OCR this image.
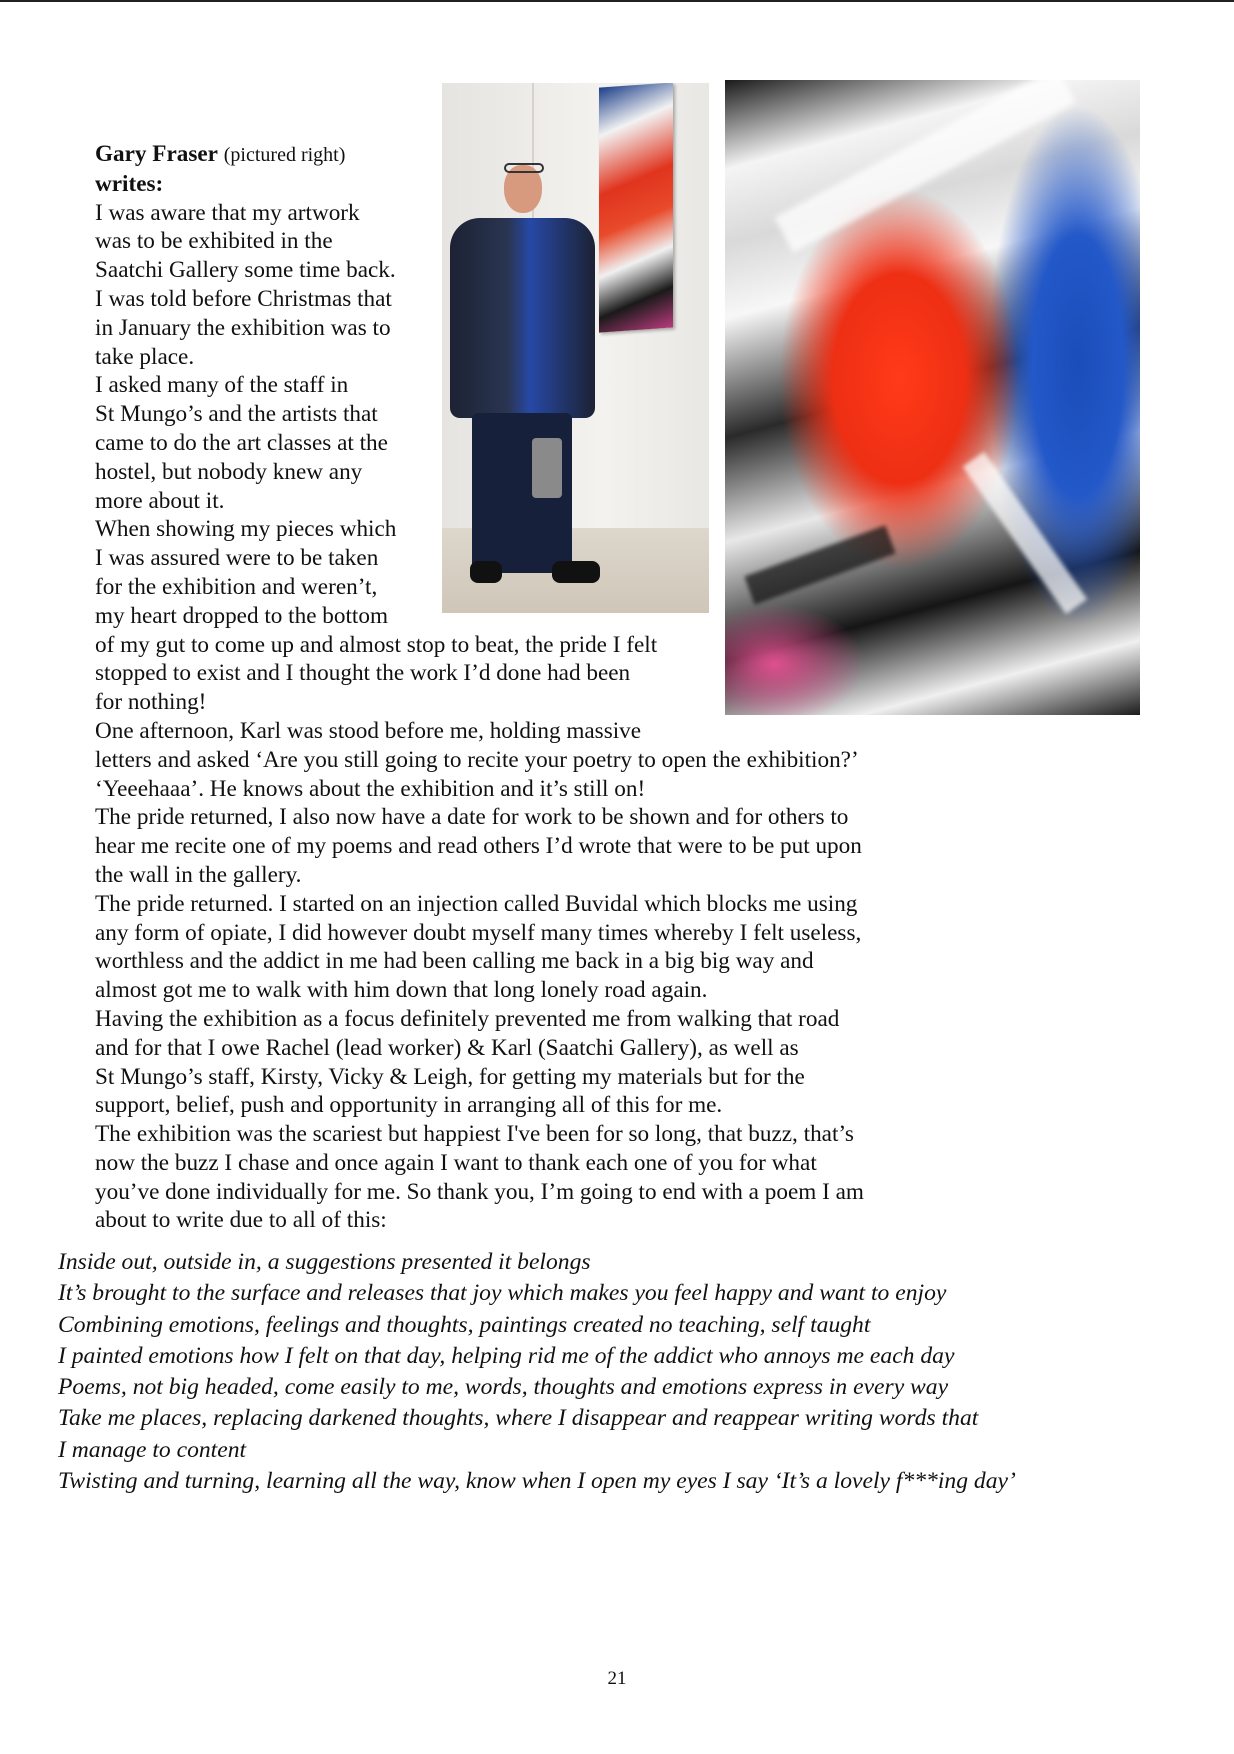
Gary Fraser (pictured right)
writes:
I was aware that my artwork
was to be exhibited in the
Saatchi Gallery some time back.
I was told before Christmas that
in January the exhibition was to
take place.
I asked many of the staff in
St Mungo’s and the artists that
came to do the art classes at the
hostel, but nobody knew any
more about it.
When showing my pieces which
I was assured were to be taken
for the exhibition and weren’t,
my heart dropped to the bottom
of my gut to come up and almost stop to beat, the pride I felt
stopped to exist and I thought the work I’d done had been
for nothing!
One afternoon, Karl was stood before me, holding massive
letters and asked ‘Are you still going to recite your poetry to open the exhibition?’
‘Yeeehaaa’. He knows about the exhibition and it’s still on!
The pride returned, I also now have a date for work to be shown and for others to
hear me recite one of my poems and read others I’d wrote that were to be put upon
the wall in the gallery.
The pride returned. I started on an injection called Buvidal which blocks me using
any form of opiate, I did however doubt myself many times whereby I felt useless,
worthless and the addict in me had been calling me back in a big big way and
almost got me to walk with him down that long lonely road again.
Having the exhibition as a focus definitely prevented me from walking that road
and for that I owe Rachel (lead worker) & Karl (Saatchi Gallery), as well as
St Mungo’s staff, Kirsty, Vicky & Leigh, for getting my materials but for the
support, belief, push and opportunity in arranging all of this for me.
The exhibition was the scariest but happiest I've been for so long, that buzz, that’s
now the buzz I chase and once again I want to thank each one of you for what
you’ve done individually for me. So thank you, I’m going to end with a poem I am
about to write due to all of this:
Inside out, outside in, a suggestions presented it belongs
It’s brought to the surface and releases that joy which makes you feel happy and want to enjoy
Combining emotions, feelings and thoughts, paintings created no teaching, self taught
I painted emotions how I felt on that day, helping rid me of the addict who annoys me each day
Poems, not big headed, come easily to me, words, thoughts and emotions express in every way
Take me places, replacing darkened thoughts, where I disappear and reappear writing words that
I manage to content
Twisting and turning, learning all the way, know when I open my eyes I say ‘It’s a lovely f***ing day’
21
